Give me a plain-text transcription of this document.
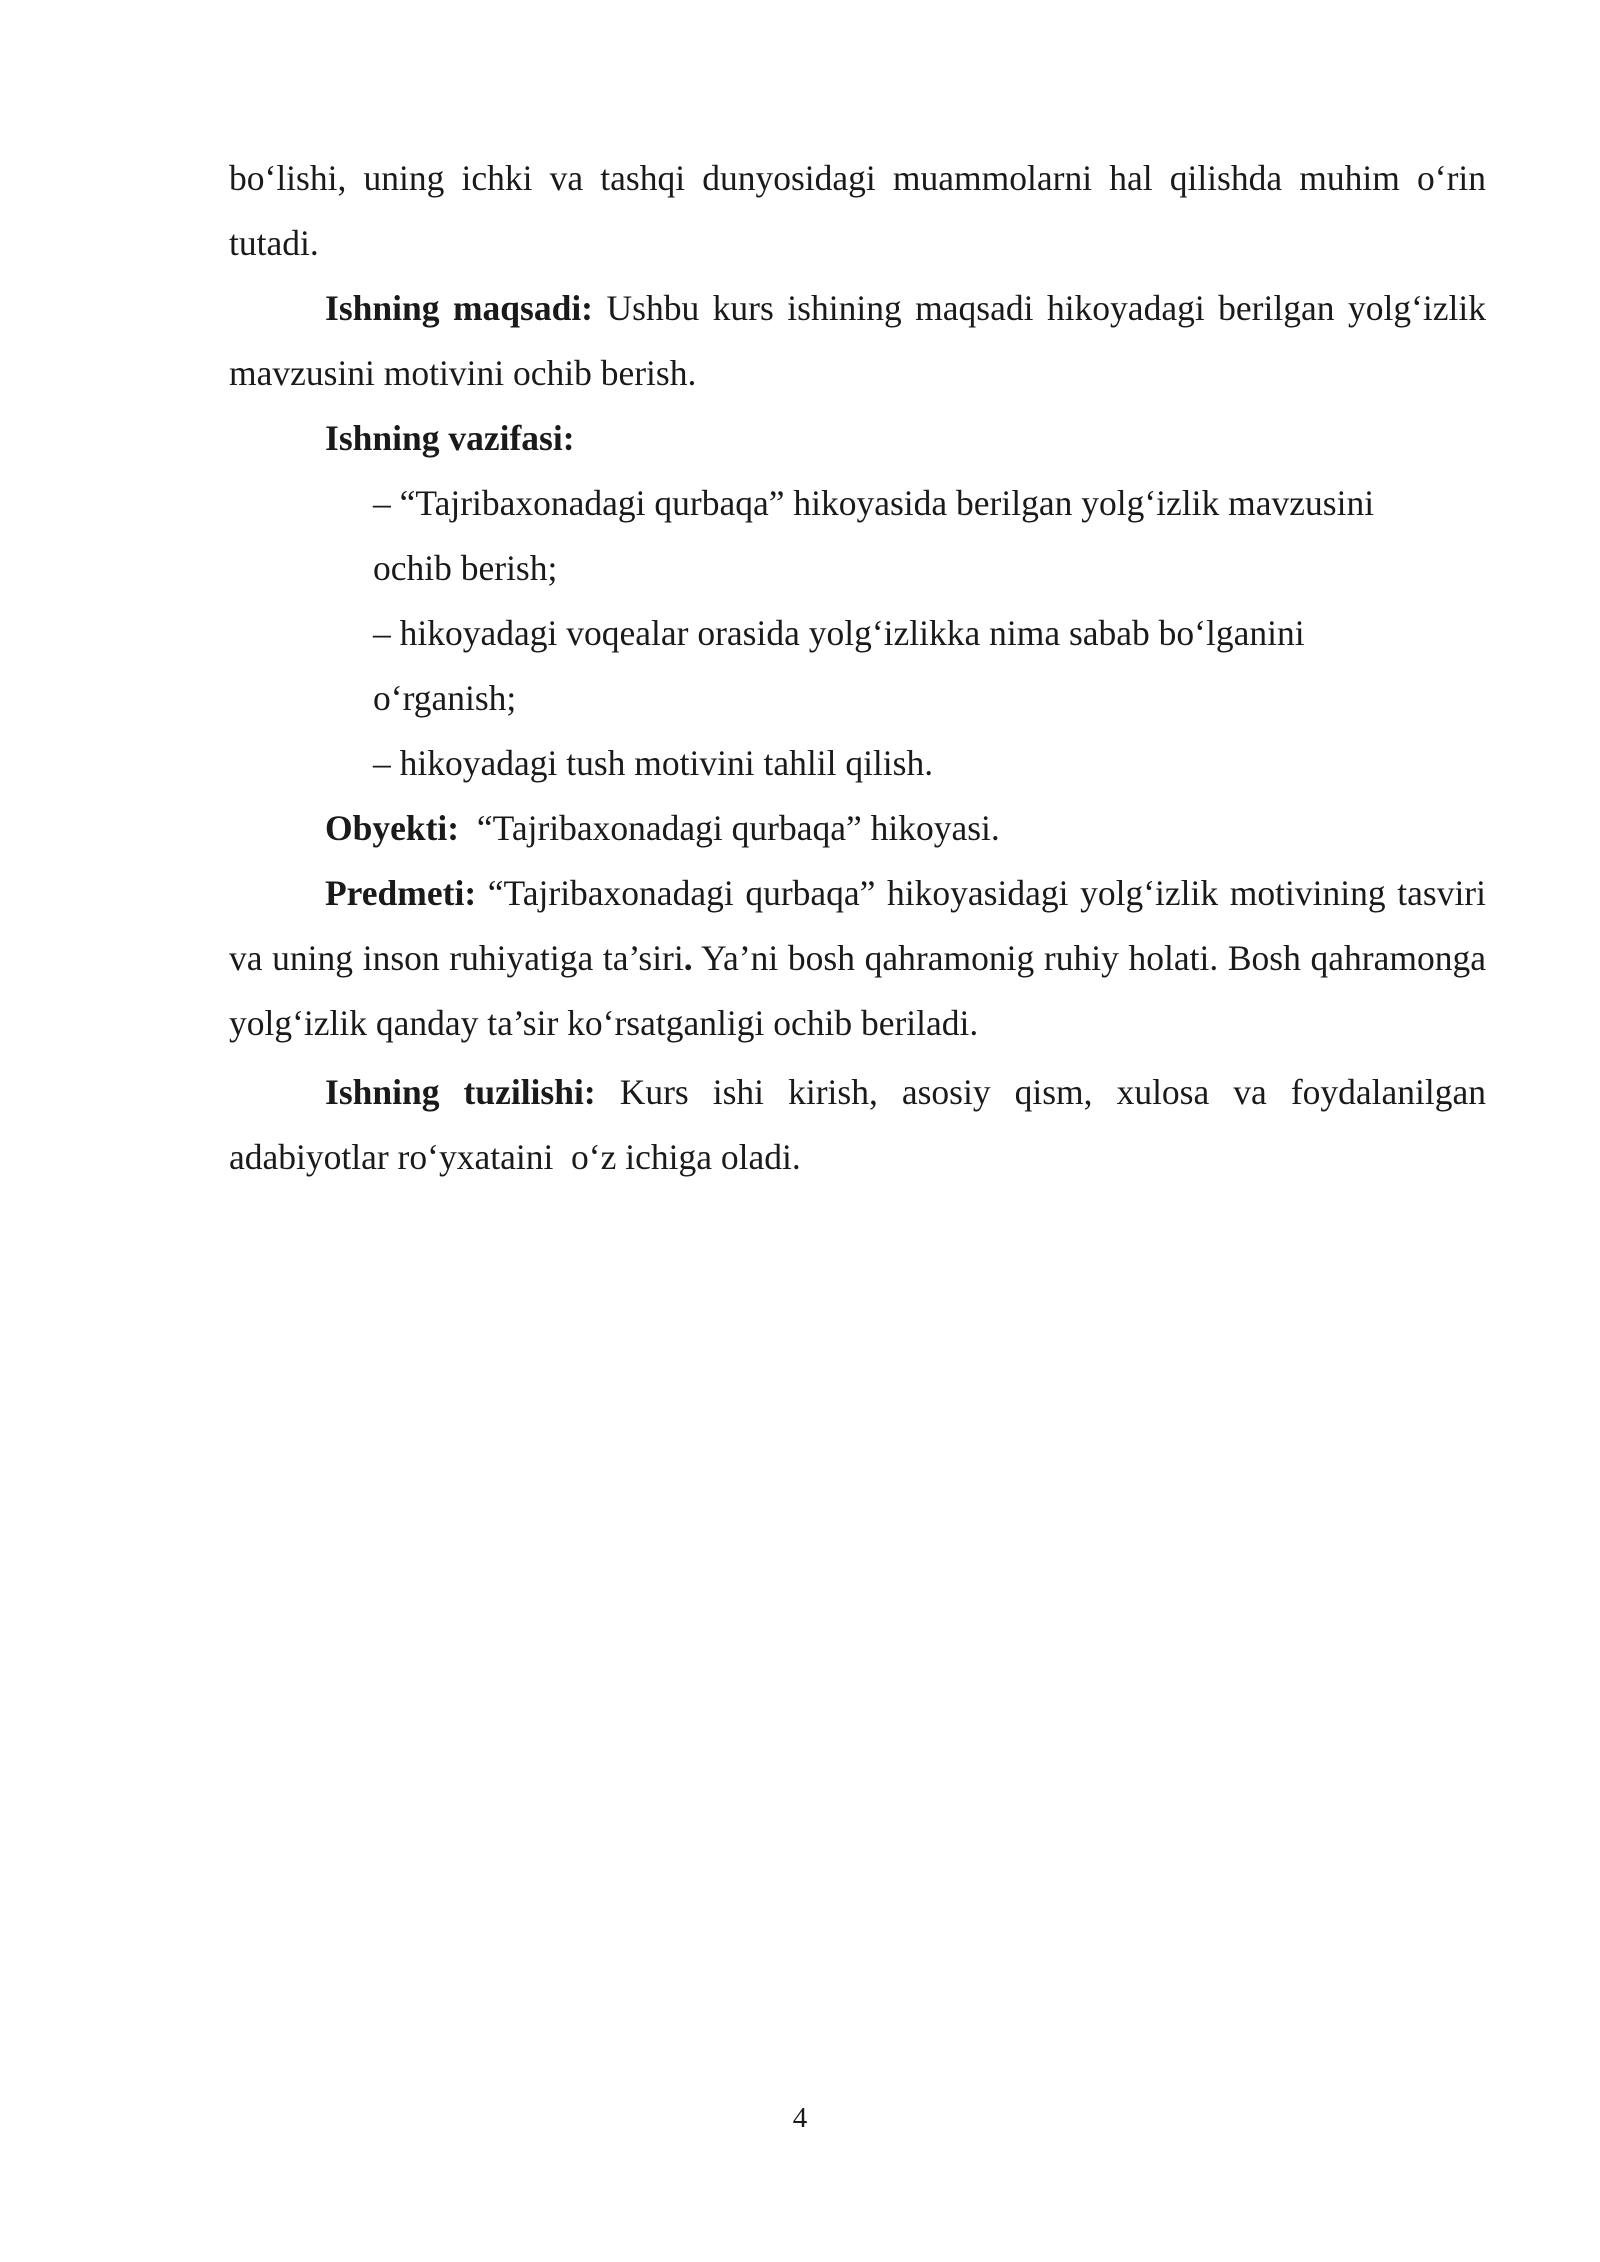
bo‘lishi, uning ichki va tashqi dunyosidagi muammolarni hal qilishda muhim o‘rin tutadi.

Ishning maqsadi: Ushbu kurs ishining maqsadi hikoyadagi berilgan yolg‘izlik mavzusini motivini ochib berish.

Ishning vazifasi:

– “Tajribaxonadagi qurbaqa” hikoyasida berilgan yolg‘izlik mavzusini ochib berish;

– hikoyadagi voqealar orasida yolg‘izlikka nima sabab bo‘lganini o‘rganish;

– hikoyadagi tush motivini tahlil qilish.

Obyekti:  “Tajribaxonadagi qurbaqa” hikoyasi.

Predmeti: “Tajribaxonadagi qurbaqa” hikoyasidagi yolg‘izlik motivining tasviri va uning inson ruhiyatiga ta’siri. Ya’ni bosh qahramonig ruhiy holati. Bosh qahramonga yolg‘izlik qanday ta’sir ko‘rsatganligi ochib beriladi.

Ishning tuzilishi: Kurs ishi kirish, asosiy qism, xulosa va foydalanilgan adabiyotlar ro‘yxataini  o‘z ichiga oladi.

4
